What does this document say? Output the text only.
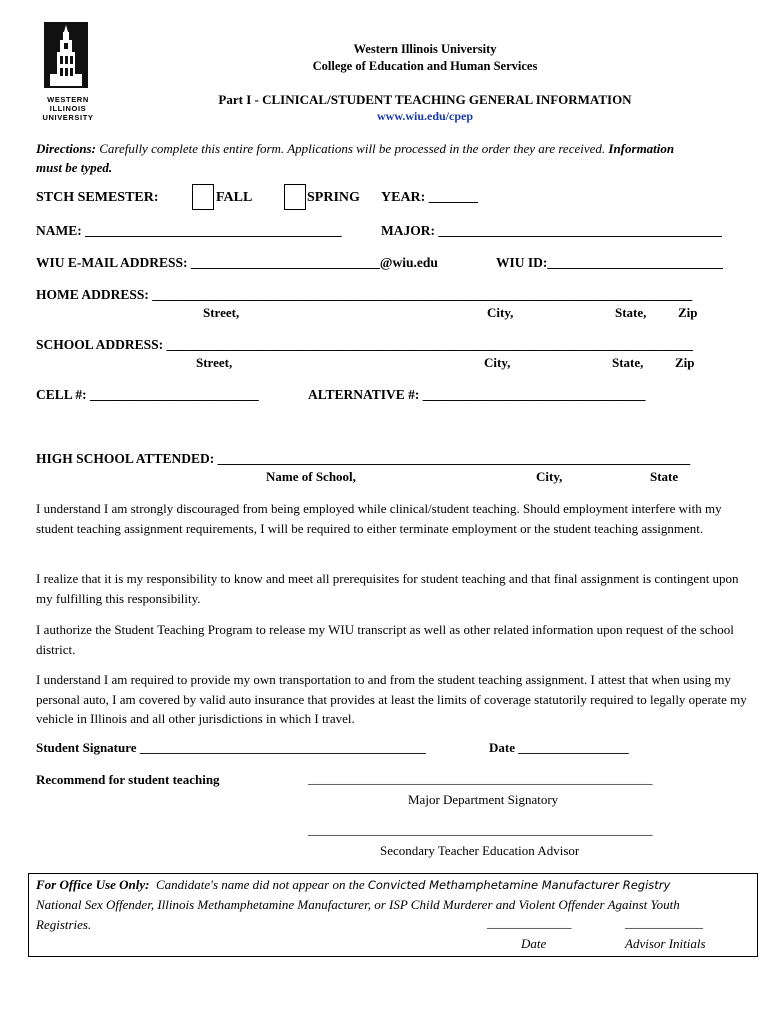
WESTERN
ILLINOIS
UNIVERSITY
Western Illinois University
College of Education and Human Services
Part I - CLINICAL/STUDENT TEACHING GENERAL INFORMATION
www.wiu.edu/cpep
Directions: Carefully complete this entire form. Applications will be processed in the order they are received. Information
must be typed.
STCH SEMESTER:	FALL	SPRING YEAR: _______
NAME: ______________________________________	MAJOR: __________________________________________
WIU E-MAIL ADDRESS: ____________________________@wiu.edu	WIU ID:__________________________
HOME ADDRESS: ________________________________________________________________________________
Street,	City,	State, Zip
SCHOOL ADDRESS: ______________________________________________________________________________
Street,	City,	State, Zip
CELL #: _________________________	ALTERNATIVE #: _________________________________
HIGH SCHOOL ATTENDED: ______________________________________________________________________
Name of School,	City,	State
I understand I am strongly discouraged from being employed while clinical/student teaching. Should employment interfere with my student teaching assignment requirements, I will be required to either terminate employment or the student teaching assignment.
I realize that it is my responsibility to know and meet all prerequisites for student teaching and that final assignment is contingent upon my fulfilling this responsibility.
I authorize the Student Teaching Program to release my WIU transcript as well as other related information upon request of the school district.
I understand I am required to provide my own transportation to and from the student teaching assignment. I attest that when using my personal auto, I am covered by valid auto insurance that provides at least the limits of coverage statutorily required to legally operate my vehicle in Illinois and all other jurisdictions in which I travel.
Student Signature ____________________________________________	Date _________________
Recommend for student teaching	_____________________________________________________
Major Department Signatory
_____________________________________________________
Secondary Teacher Education Advisor
For Office Use Only: Candidate's name did not appear on the Convicted Methamphetamine Manufacturer Registry
National Sex Offender, Illinois Methamphetamine Manufacturer, or ISP Child Murderer and Violent Offender Against Youth
Registries.	_____________	____________
Date	Advisor Initials
